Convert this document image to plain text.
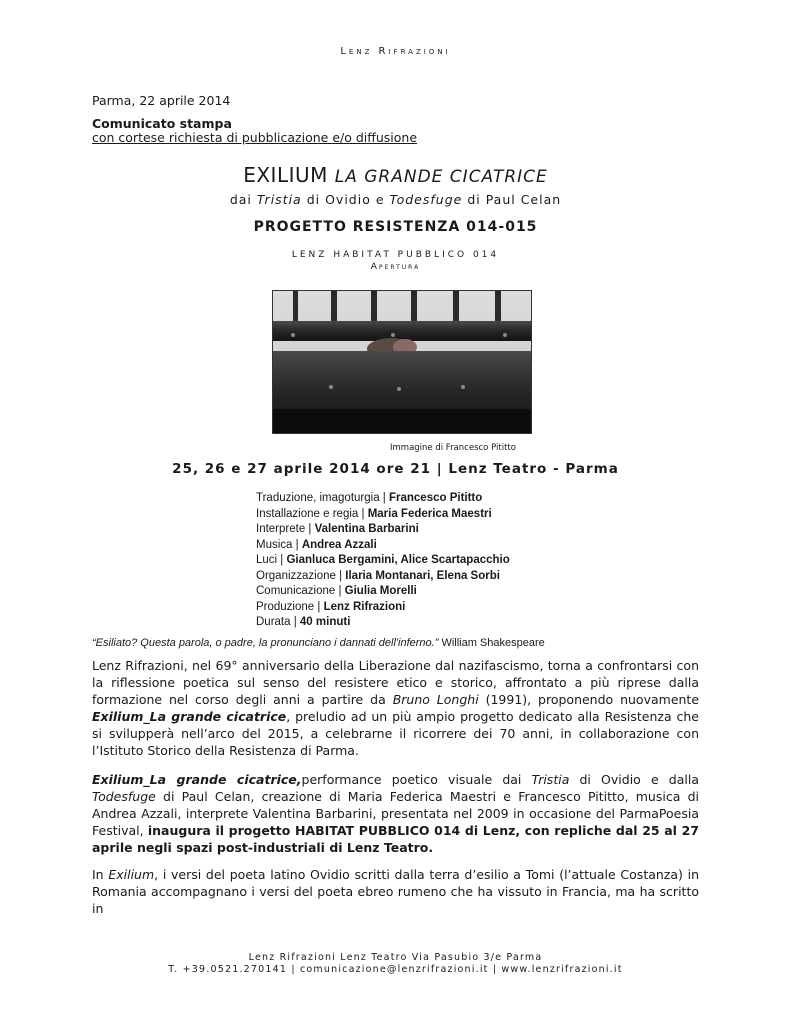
Lenz Rifrazioni
Parma, 22 aprile 2014
Comunicato stampa
con cortese richiesta di pubblicazione e/o diffusione
EXILIUM LA GRANDE CICATRICE
dai Tristia di Ovidio e Todesfuge di Paul Celan
PROGETTO RESISTENZA 014-015
LENZ HABITAT PUBBLICO 014
Apertura
Immagine di Francesco Pititto
25, 26 e 27 aprile 2014 ore 21 | Lenz Teatro - Parma
Traduzione, imagoturgia | Francesco Pititto
Installazione e regia | Maria Federica Maestri
Interprete | Valentina Barbarini
Musica | Andrea Azzali
Luci | Gianluca Bergamini, Alice Scartapacchio
Organizzazione | Ilaria Montanari, Elena Sorbi
Comunicazione | Giulia Morelli
Produzione | Lenz Rifrazioni
Durata | 40 minuti
“Esiliato? Questa parola, o padre, la pronunciano i dannati dell'inferno.” William Shakespeare
Lenz Rifrazioni, nel 69° anniversario della Liberazione dal nazifascismo, torna a confrontarsi con la riflessione poetica sul senso del resistere etico e storico, affrontato a più riprese dalla formazione nel corso degli anni a partire da Bruno Longhi (1991), proponendo nuovamente Exilium_La grande cicatrice, preludio ad un più ampio progetto dedicato alla Resistenza che si svilupperà nell’arco del 2015, a celebrarne il ricorrere dei 70 anni, in collaborazione con l’Istituto Storico della Resistenza di Parma.
Exilium_La grande cicatrice,performance poetico visuale dai Tristia di Ovidio e dalla Todesfuge di Paul Celan, creazione di Maria Federica Maestri e Francesco Pititto, musica di Andrea Azzali, interprete Valentina Barbarini, presentata nel 2009 in occasione del ParmaPoesia Festival, inaugura il progetto HABITAT PUBBLICO 014 di Lenz, con repliche dal 25 al 27 aprile negli spazi post-industriali di Lenz Teatro.
In Exilium, i versi del poeta latino Ovidio scritti dalla terra d’esilio a Tomi (l’attuale Costanza) in Romania accompagnano i versi del poeta ebreo rumeno che ha vissuto in Francia, ma ha scritto in
Lenz Rifrazioni Lenz Teatro Via Pasubio 3/e Parma
T. +39.0521.270141 | comunicazione@lenzrifrazioni.it | www.lenzrifrazioni.it
